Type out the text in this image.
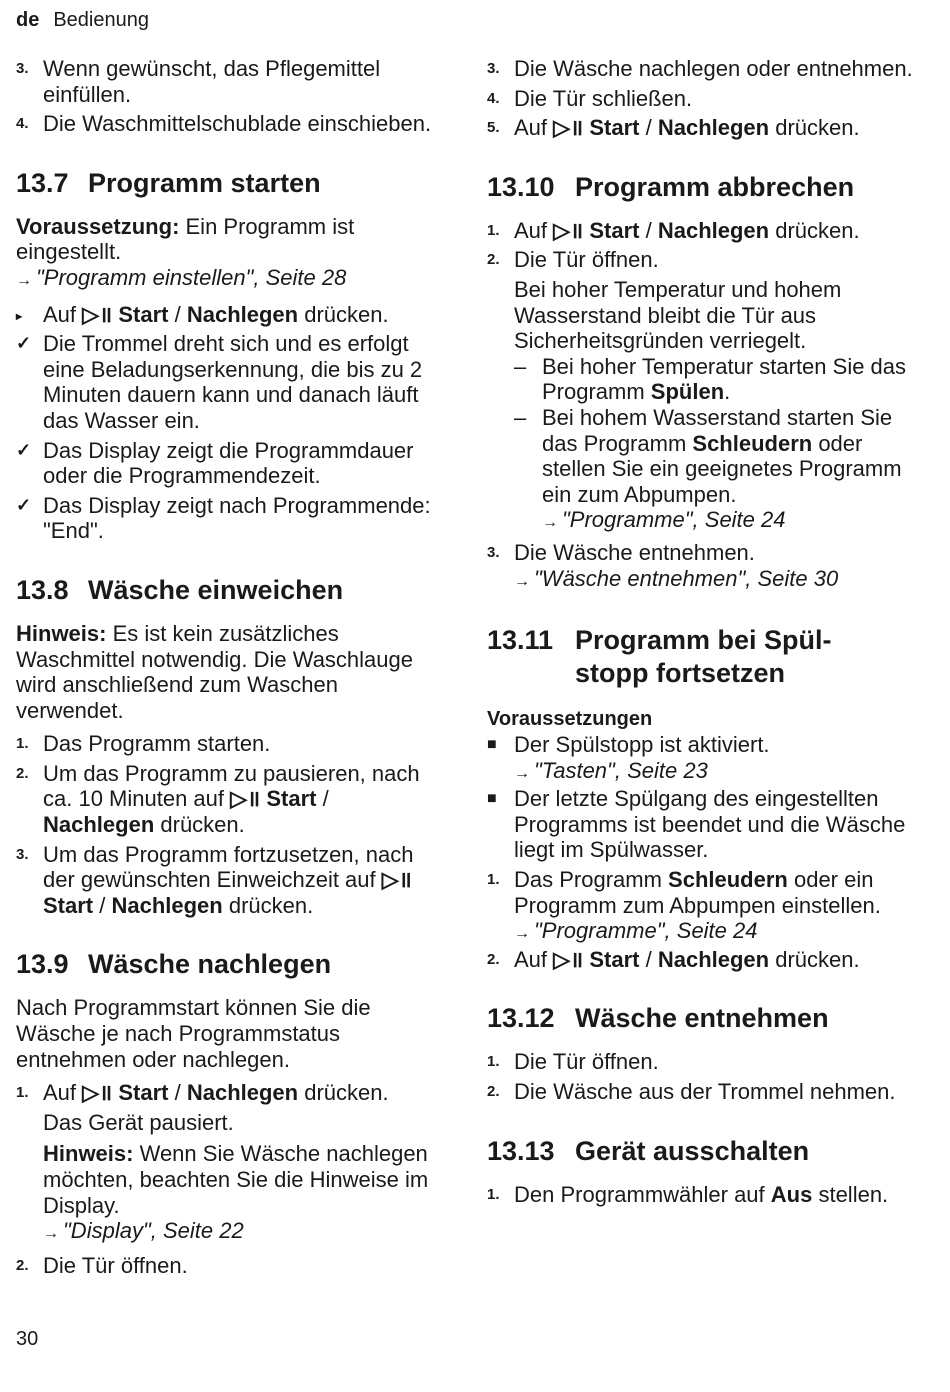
de Bedienung
3. Wenn gewünscht, das Pflegemittel einfüllen.
4. Die Waschmittelschublade einschieben.
13.7 Programm starten
Voraussetzung: Ein Programm ist eingestellt.
→ "Programm einstellen", Seite 28
▸ Auf ▷॥ Start / Nachlegen drücken.
✓ Die Trommel dreht sich und es erfolgt eine Beladungserkennung, die bis zu 2 Minuten dauern kann und danach läuft das Wasser ein.
✓ Das Display zeigt die Programmdauer oder die Programmendezeit.
✓ Das Display zeigt nach Programmende: "End".
13.8 Wäsche einweichen
Hinweis: Es ist kein zusätzliches Waschmittel notwendig. Die Waschlauge wird anschließend zum Waschen verwendet.
1. Das Programm starten.
2. Um das Programm zu pausieren, nach ca. 10 Minuten auf ▷॥ Start / Nachlegen drücken.
3. Um das Programm fortzusetzen, nach der gewünschten Einweichzeit auf ▷॥ Start / Nachlegen drücken.
13.9 Wäsche nachlegen
Nach Programmstart können Sie die Wäsche je nach Programmstatus entnehmen oder nachlegen.
1. Auf ▷॥ Start / Nachlegen drücken.
Das Gerät pausiert.
Hinweis: Wenn Sie Wäsche nachlegen möchten, beachten Sie die Hinweise im Display.
→ "Display", Seite 22
2. Die Tür öffnen.
3. Die Wäsche nachlegen oder entnehmen.
4. Die Tür schließen.
5. Auf ▷॥ Start / Nachlegen drücken.
13.10 Programm abbrechen
1. Auf ▷॥ Start / Nachlegen drücken.
2. Die Tür öffnen.
Bei hoher Temperatur und hohem Wasserstand bleibt die Tür aus Sicherheitsgründen verriegelt.
– Bei hoher Temperatur starten Sie das Programm Spülen.
– Bei hohem Wasserstand starten Sie das Programm Schleudern oder stellen Sie ein geeignetes Programm ein zum Abpumpen.
→ "Programme", Seite 24
3. Die Wäsche entnehmen.
→ "Wäsche entnehmen", Seite 30
13.11 Programm bei Spül-
stopp fortsetzen
Voraussetzungen
■ Der Spülstopp ist aktiviert.
→ "Tasten", Seite 23
■ Der letzte Spülgang des eingestellten Programms ist beendet und die Wäsche liegt im Spülwasser.
1. Das Programm Schleudern oder ein Programm zum Abpumpen einstellen.
→ "Programme", Seite 24
2. Auf ▷॥ Start / Nachlegen drücken.
13.12 Wäsche entnehmen
1. Die Tür öffnen.
2. Die Wäsche aus der Trommel nehmen.
13.13 Gerät ausschalten
1. Den Programmwähler auf Aus stellen.
30
